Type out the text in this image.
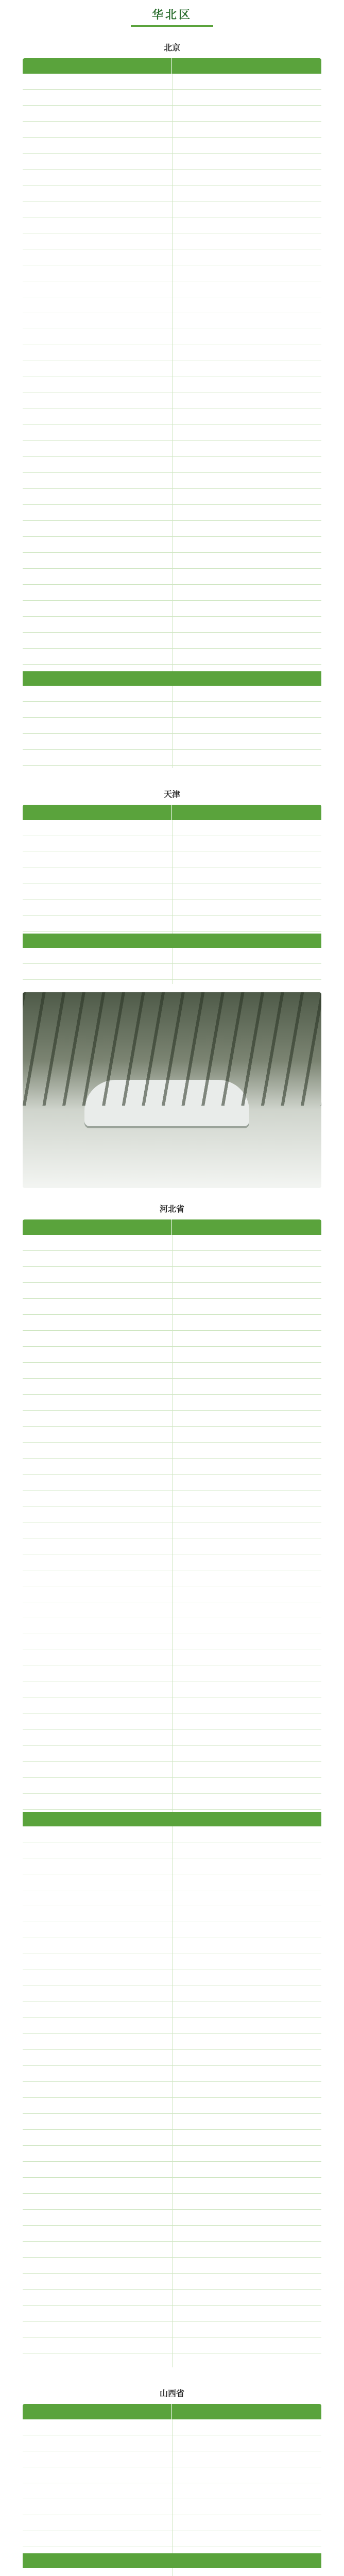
华北区
北京
天津
河北省
山西省
